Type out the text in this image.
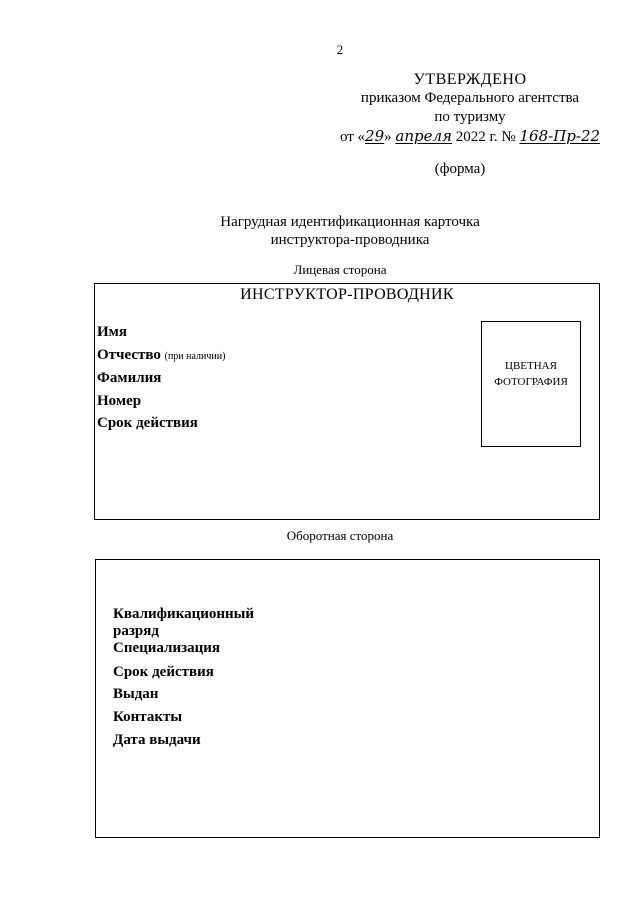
2
УТВЕРЖДЕНО
приказом Федерального агентства
по туризму
от «29» апреля 2022 г. № 168-Пр-22
(форма)
Нагрудная идентификационная карточка
инструктора-проводника
Лицевая сторона
ИНСТРУКТОР-ПРОВОДНИК
Имя
Отчество (при наличии)
Фамилия
Номер
Срок действия
ЦВЕТНАЯ
ФОТОГРАФИЯ
Оборотная сторона
Квалификационный
разряд
Специализация
Срок действия
Выдан
Контакты
Дата выдачи
